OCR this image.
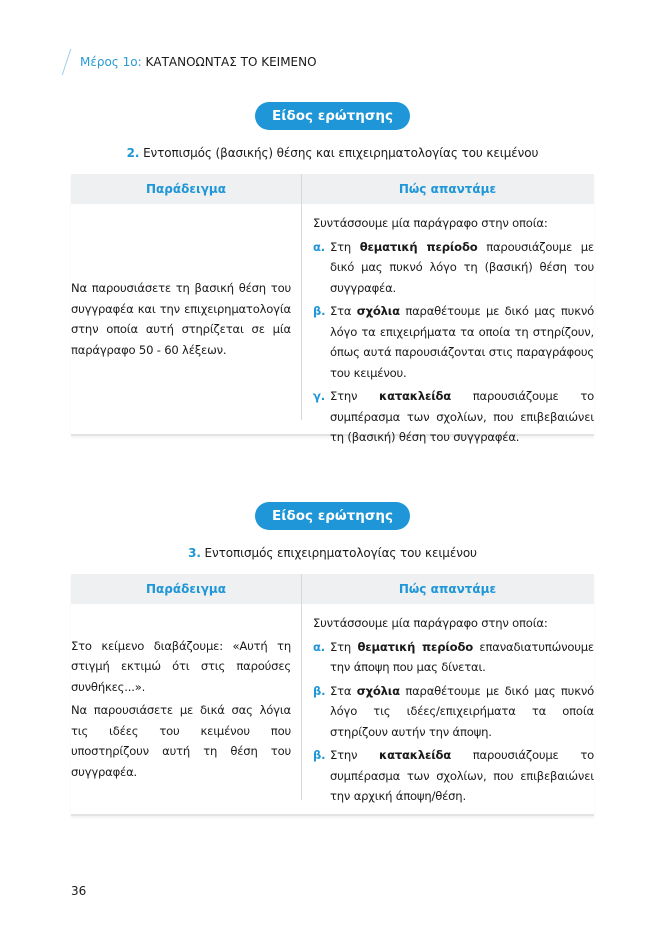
Μέρος 1ο: ΚΑΤΑΝΟΩΝΤΑΣ ΤΟ ΚΕΙΜΕΝΟ
Είδος ερώτησης
2. Εντοπισμός (βασικής) θέσης και επιχειρηματολογίας του κειμένου
Παράδειγμα	Πώς απαντάμε

Να παρουσιάσετε τη βασική θέση του συγγραφέα και την επιχειρηματολογία στην οποία αυτή στηρίζεται σε μία παράγραφο 50 - 60 λέξεων.

Συντάσσουμε μία παράγραφο στην οποία:
α. Στη θεματική περίοδο παρουσιάζουμε με δικό μας πυκνό λόγο τη (βασική) θέση του συγγραφέα.
β. Στα σχόλια παραθέτουμε με δικό μας πυκνό λόγο τα επιχειρήματα τα οποία τη στηρίζουν, όπως αυτά παρουσιάζονται στις παραγράφους του κειμένου.
γ. Στην κατακλείδα παρουσιάζουμε το συμπέρασμα των σχολίων, που επιβεβαιώνει τη (βασική) θέση του συγγραφέα.
Είδος ερώτησης
3. Εντοπισμός επιχειρηματολογίας του κειμένου
Παράδειγμα	Πώς απαντάμε

Στο κείμενο διαβάζουμε: «Αυτή τη στιγμή εκτιμώ ότι στις παρούσες συνθήκες...».

Να παρουσιάσετε με δικά σας λόγια τις ιδέες του κειμένου που υποστηρίζουν αυτή τη θέση του συγγραφέα.

Συντάσσουμε μία παράγραφο στην οποία:
α. Στη θεματική περίοδο επαναδιατυπώνουμε την άποψη που μας δίνεται.
β. Στα σχόλια παραθέτουμε με δικό μας πυκνό λόγο τις ιδέες/επιχειρήματα τα οποία στηρίζουν αυτήν την άποψη.
β. Στην κατακλείδα παρουσιάζουμε το συμπέρασμα των σχολίων, που επιβεβαιώνει την αρχική άποψη/θέση.
36
